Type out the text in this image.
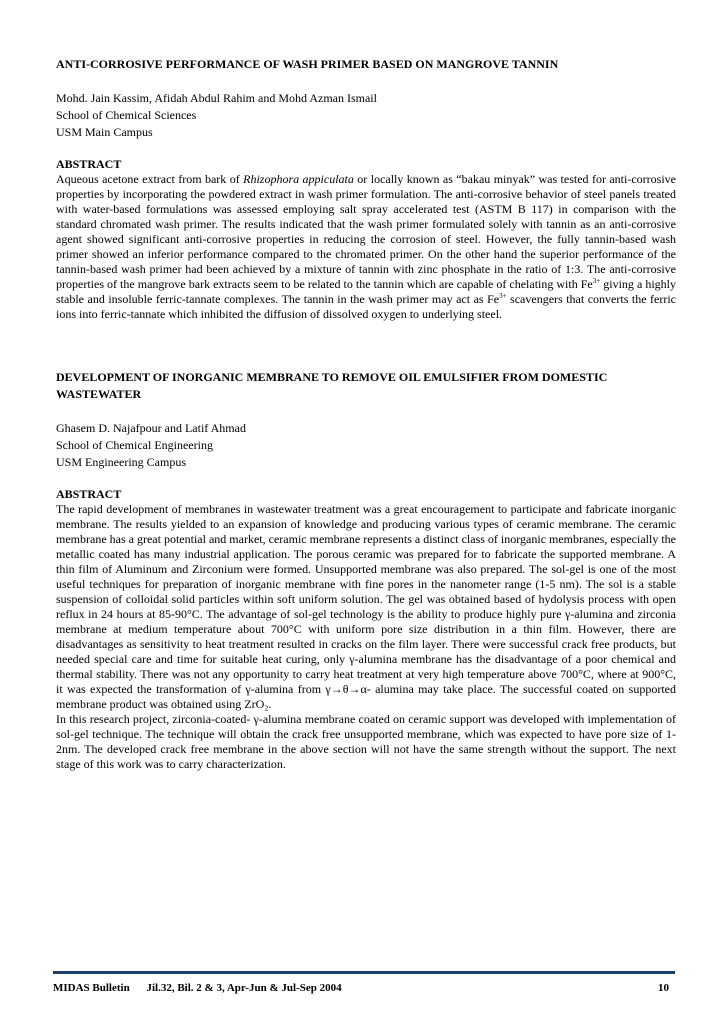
ANTI-CORROSIVE PERFORMANCE OF WASH PRIMER BASED ON MANGROVE TANNIN
Mohd. Jain Kassim, Afidah Abdul Rahim and Mohd Azman Ismail
School of Chemical Sciences
USM Main Campus
ABSTRACT

Aqueous acetone extract from bark of Rhizophora appiculata or locally known as “bakau minyak” was tested for anti-corrosive properties by incorporating the powdered extract in wash primer formulation. The anti-corrosive behavior of steel panels treated with water-based formulations was assessed employing salt spray accelerated test (ASTM B 117) in comparison with the standard chromated wash primer. The results indicated that the wash primer formulated solely with tannin as an anti-corrosive agent showed significant anti-corrosive properties in reducing the corrosion of steel. However, the fully tannin-based wash primer showed an inferior performance compared to the chromated primer. On the other hand the superior performance of the tannin-based wash primer had been achieved by a mixture of tannin with zinc phosphate in the ratio of 1:3. The anti-corrosive properties of the mangrove bark extracts seem to be related to the tannin which are capable of chelating with $Fe^{3+}$ giving a highly stable and insoluble ferric-tannate complexes. The tannin in the wash primer may act as $Fe^{3+}$ scavengers that converts the ferric ions into ferric-tannate which inhibited the diffusion of dissolved oxygen to underlying steel.

DEVELOPMENT OF INORGANIC MEMBRANE TO REMOVE OIL EMULSIFIER FROM DOMESTIC WASTEWATER
Ghasem D. Najafpour and Latif Ahmad
School of Chemical Engineering
USM Engineering Campus
ABSTRACT

The rapid development of membranes in wastewater treatment was a great encouragement to participate and fabricate inorganic membrane. The results yielded to an expansion of knowledge and producing various types of ceramic membrane. The ceramic membrane has a great potential and market, ceramic membrane represents a distinct class of inorganic membranes, especially the metallic coated has many industrial application. The porous ceramic was prepared for to fabricate the supported membrane. A thin film of Aluminum and Zirconium were formed. Unsupported membrane was also prepared. The sol-gel is one of the most useful techniques for preparation of inorganic membrane with fine pores in the nanometer range (1-5 nm). The sol is a stable suspension of colloidal solid particles within soft uniform solution. The gel was obtained based of hydolysis process with open reflux in 24 hours at 85-90°C. The advantage of sol-gel technology is the ability to produce highly pure γ-alumina and zirconia membrane at medium temperature about 700°C with uniform pore size distribution in a thin film. However, there are disadvantages as sensitivity to heat treatment resulted in cracks on the film layer. There were successful crack free products, but needed special care and time for suitable heat curing, only γ-alumina membrane has the disadvantage of a poor chemical and thermal stability. There was not any opportunity to carry heat treatment at very high temperature above 700°C, where at 900°C, it was expected the transformation of γ-alumina from γ→θ→α- alumina may take place. The successful coated on supported membrane product was obtained using ZrO₂.

In this research project, zirconia-coated- γ-alumina membrane coated on ceramic support was developed with implementation of sol-gel technique. The technique will obtain the crack free unsupported membrane, which was expected to have pore size of 1-2nm. The developed crack free membrane in the above section will not have the same strength without the support. The next stage of this work was to carry characterization.

MIDAS Bulletin Jil.32, Bil. 2 & 3, Apr-Jun & Jul-Sep 2004	10
